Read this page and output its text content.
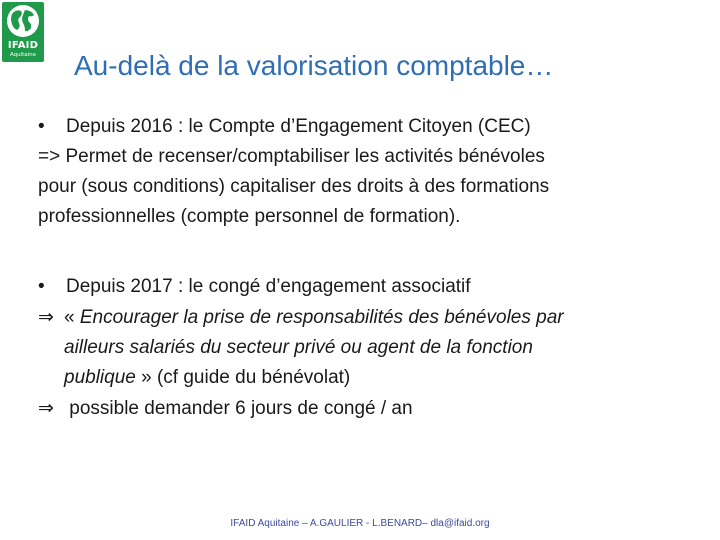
IFAID
Aquitaine Au-delà de la valorisation comptable…
• Depuis 2016 : le Compte d’Engagement Citoyen (CEC)
=> Permet de recenser/comptabiliser les activités bénévoles
pour (sous conditions) capitaliser des droits à des formations
professionnelles (compte personnel de formation).
• Depuis 2017 : le congé d’engagement associatif
⇒ « Encourager la prise de responsabilités des bénévoles par
ailleurs salariés du secteur privé ou agent de la fonction
publique » (cf guide du bénévolat)
⇒ possible demander 6 jours de congé / an
IFAID Aquitaine – A.GAULIER - L.BENARD– dla@ifaid.org
